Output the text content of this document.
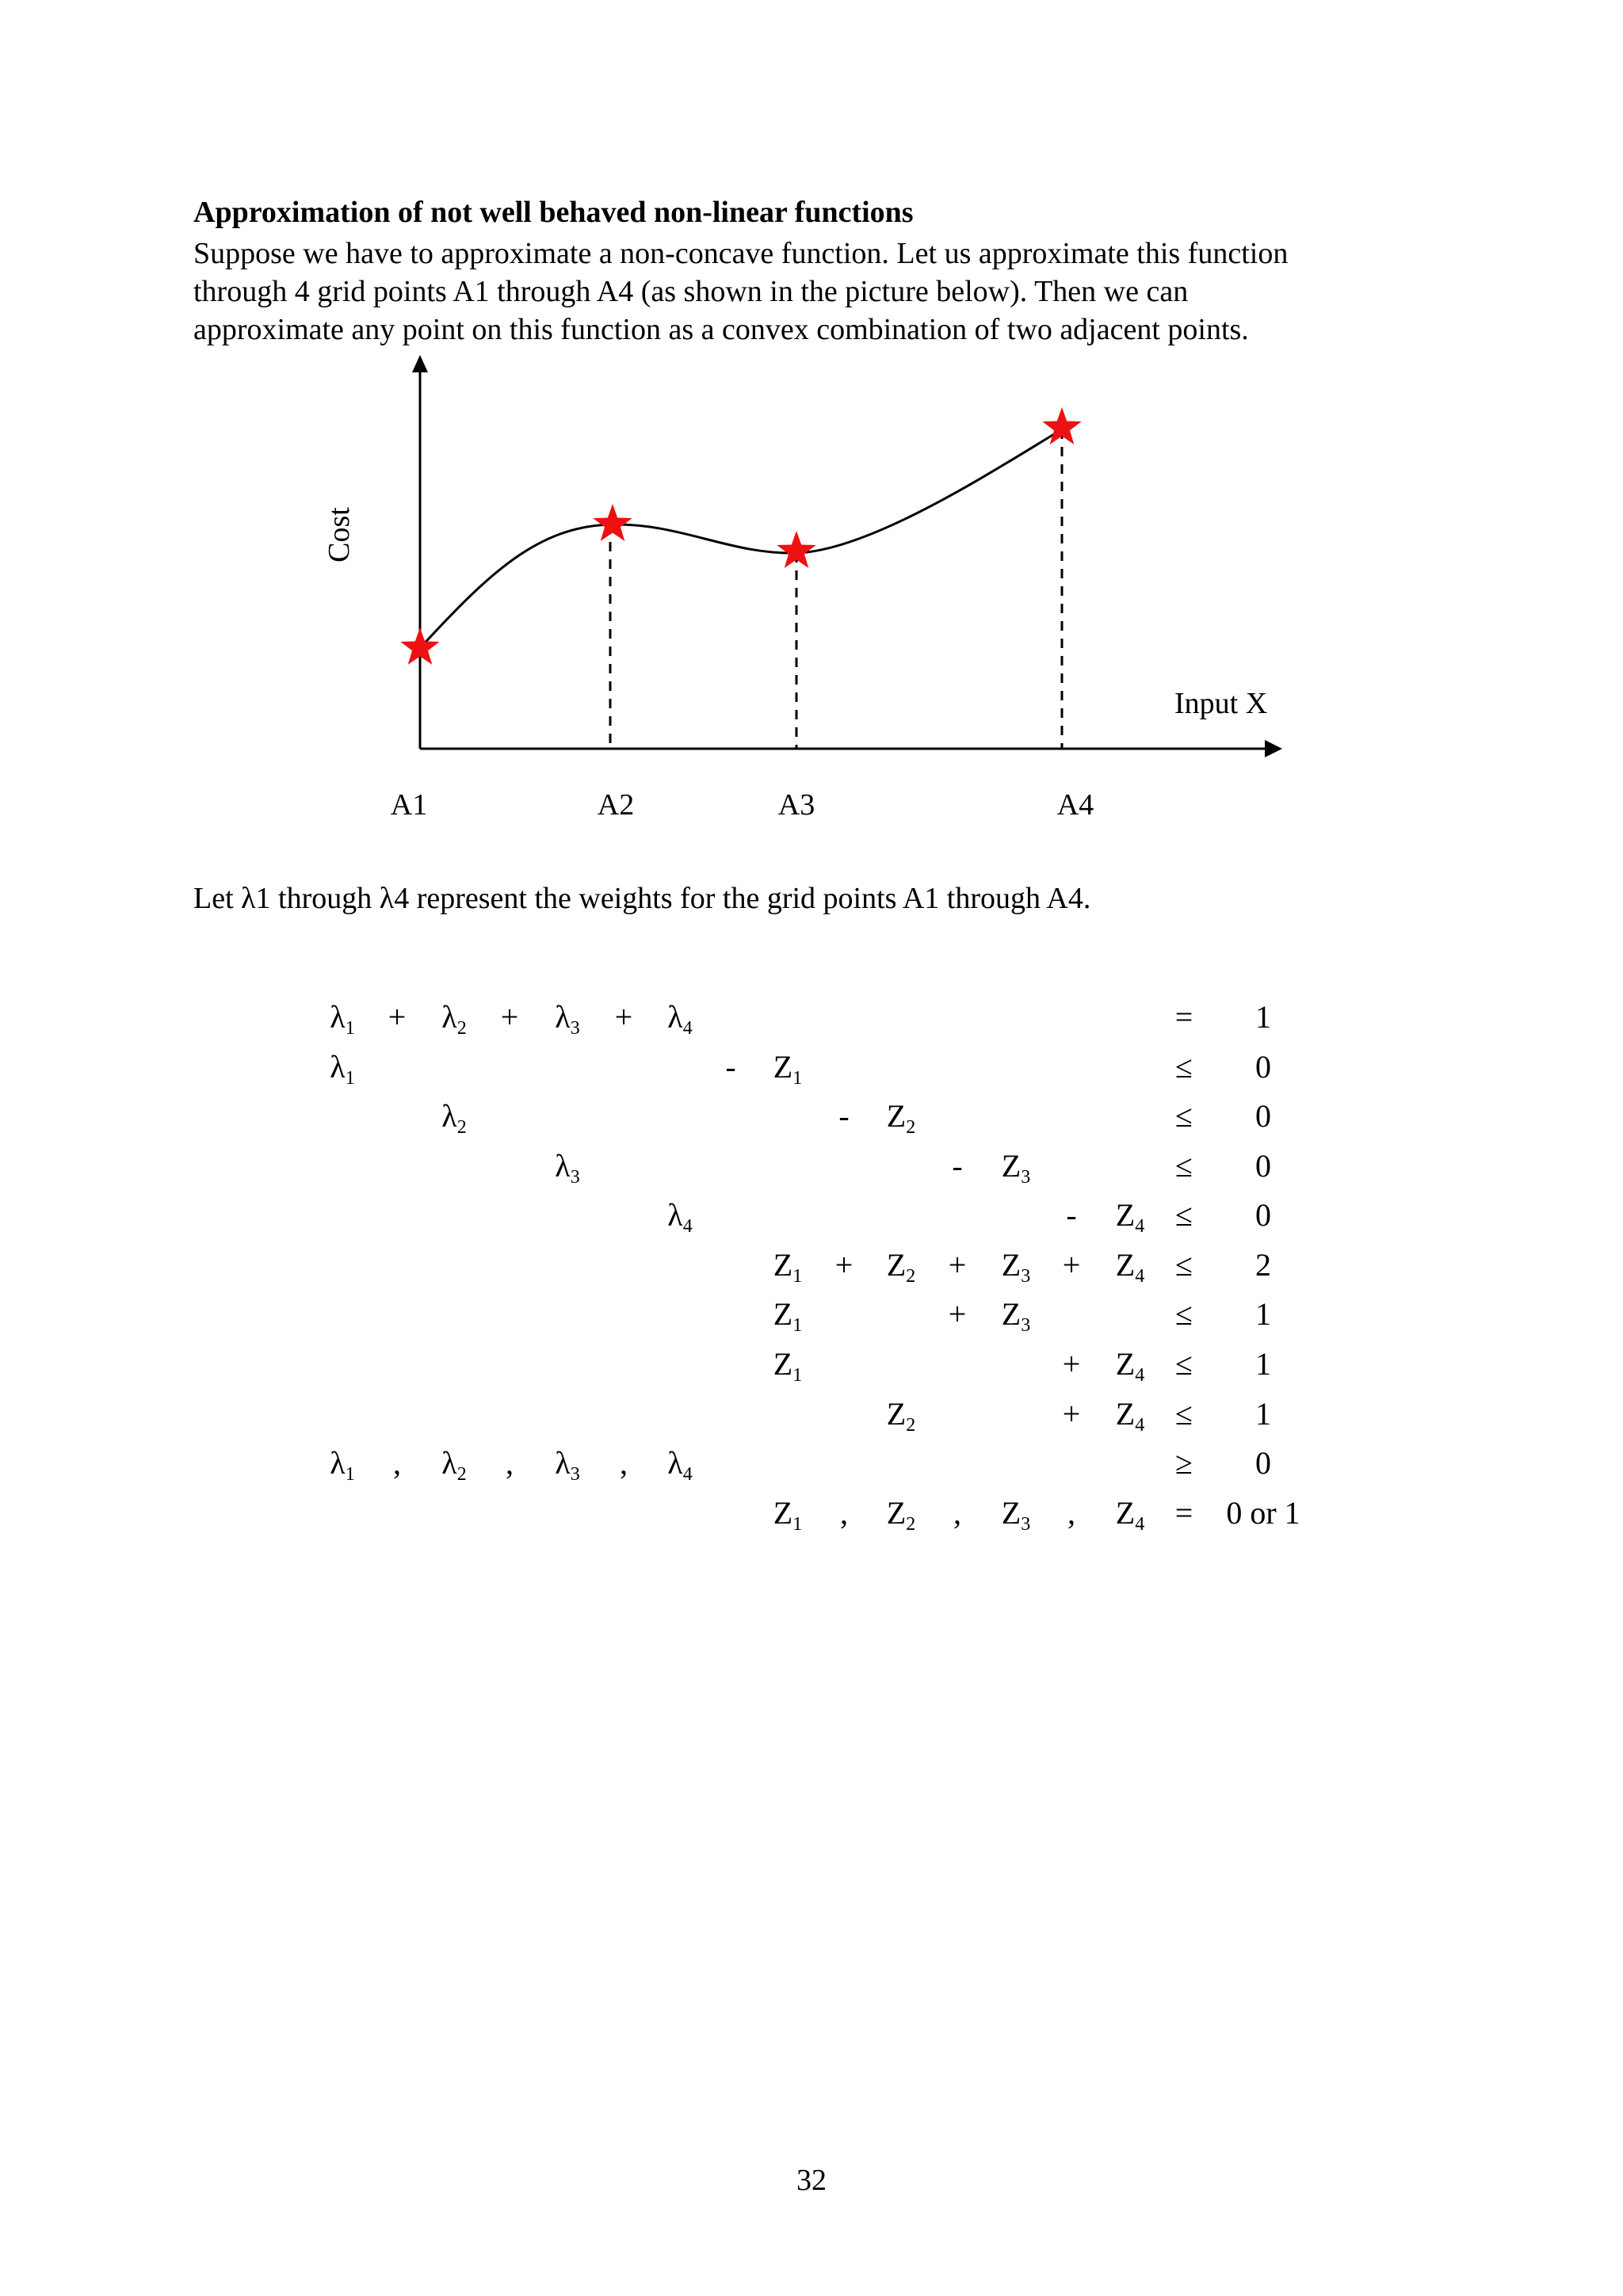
Approximation of not well behaved non-linear functions
Suppose we have to approximate a non-concave function. Let us approximate this function
through 4 grid points A1 through A4 (as shown in the picture below). Then we can
approximate any point on this function as a convex combination of two adjacent points.
Cost
Input X
A1	A2	A3	A4
Let λ1 through λ4 represent the weights for the grid points A1 through A4.
$\lambda_1 + \lambda_2 + \lambda_3 + \lambda_4$	= 1
$\lambda_1$	- $Z_1$	≤ 0
$\lambda_2$	- $Z_2$	≤ 0
$\lambda_3$	- $Z_3$	≤ 0
$\lambda_4$	- $Z_4 \le 0$
$Z_1 + Z_2 + Z_3 + Z_4 \le 2$
$Z_1$	+ $Z_3$	≤ 1
$Z_1$	+ $Z_4 \le 1$
$Z_2$	+ $Z_4 \le 1$
$\lambda_1$ , $\lambda_2$ , $\lambda_3$ , $\lambda_4$	≥ 0
$Z_1$ , $Z_2$ , $Z_3$ , $Z_4 = 0$ or 1
32
